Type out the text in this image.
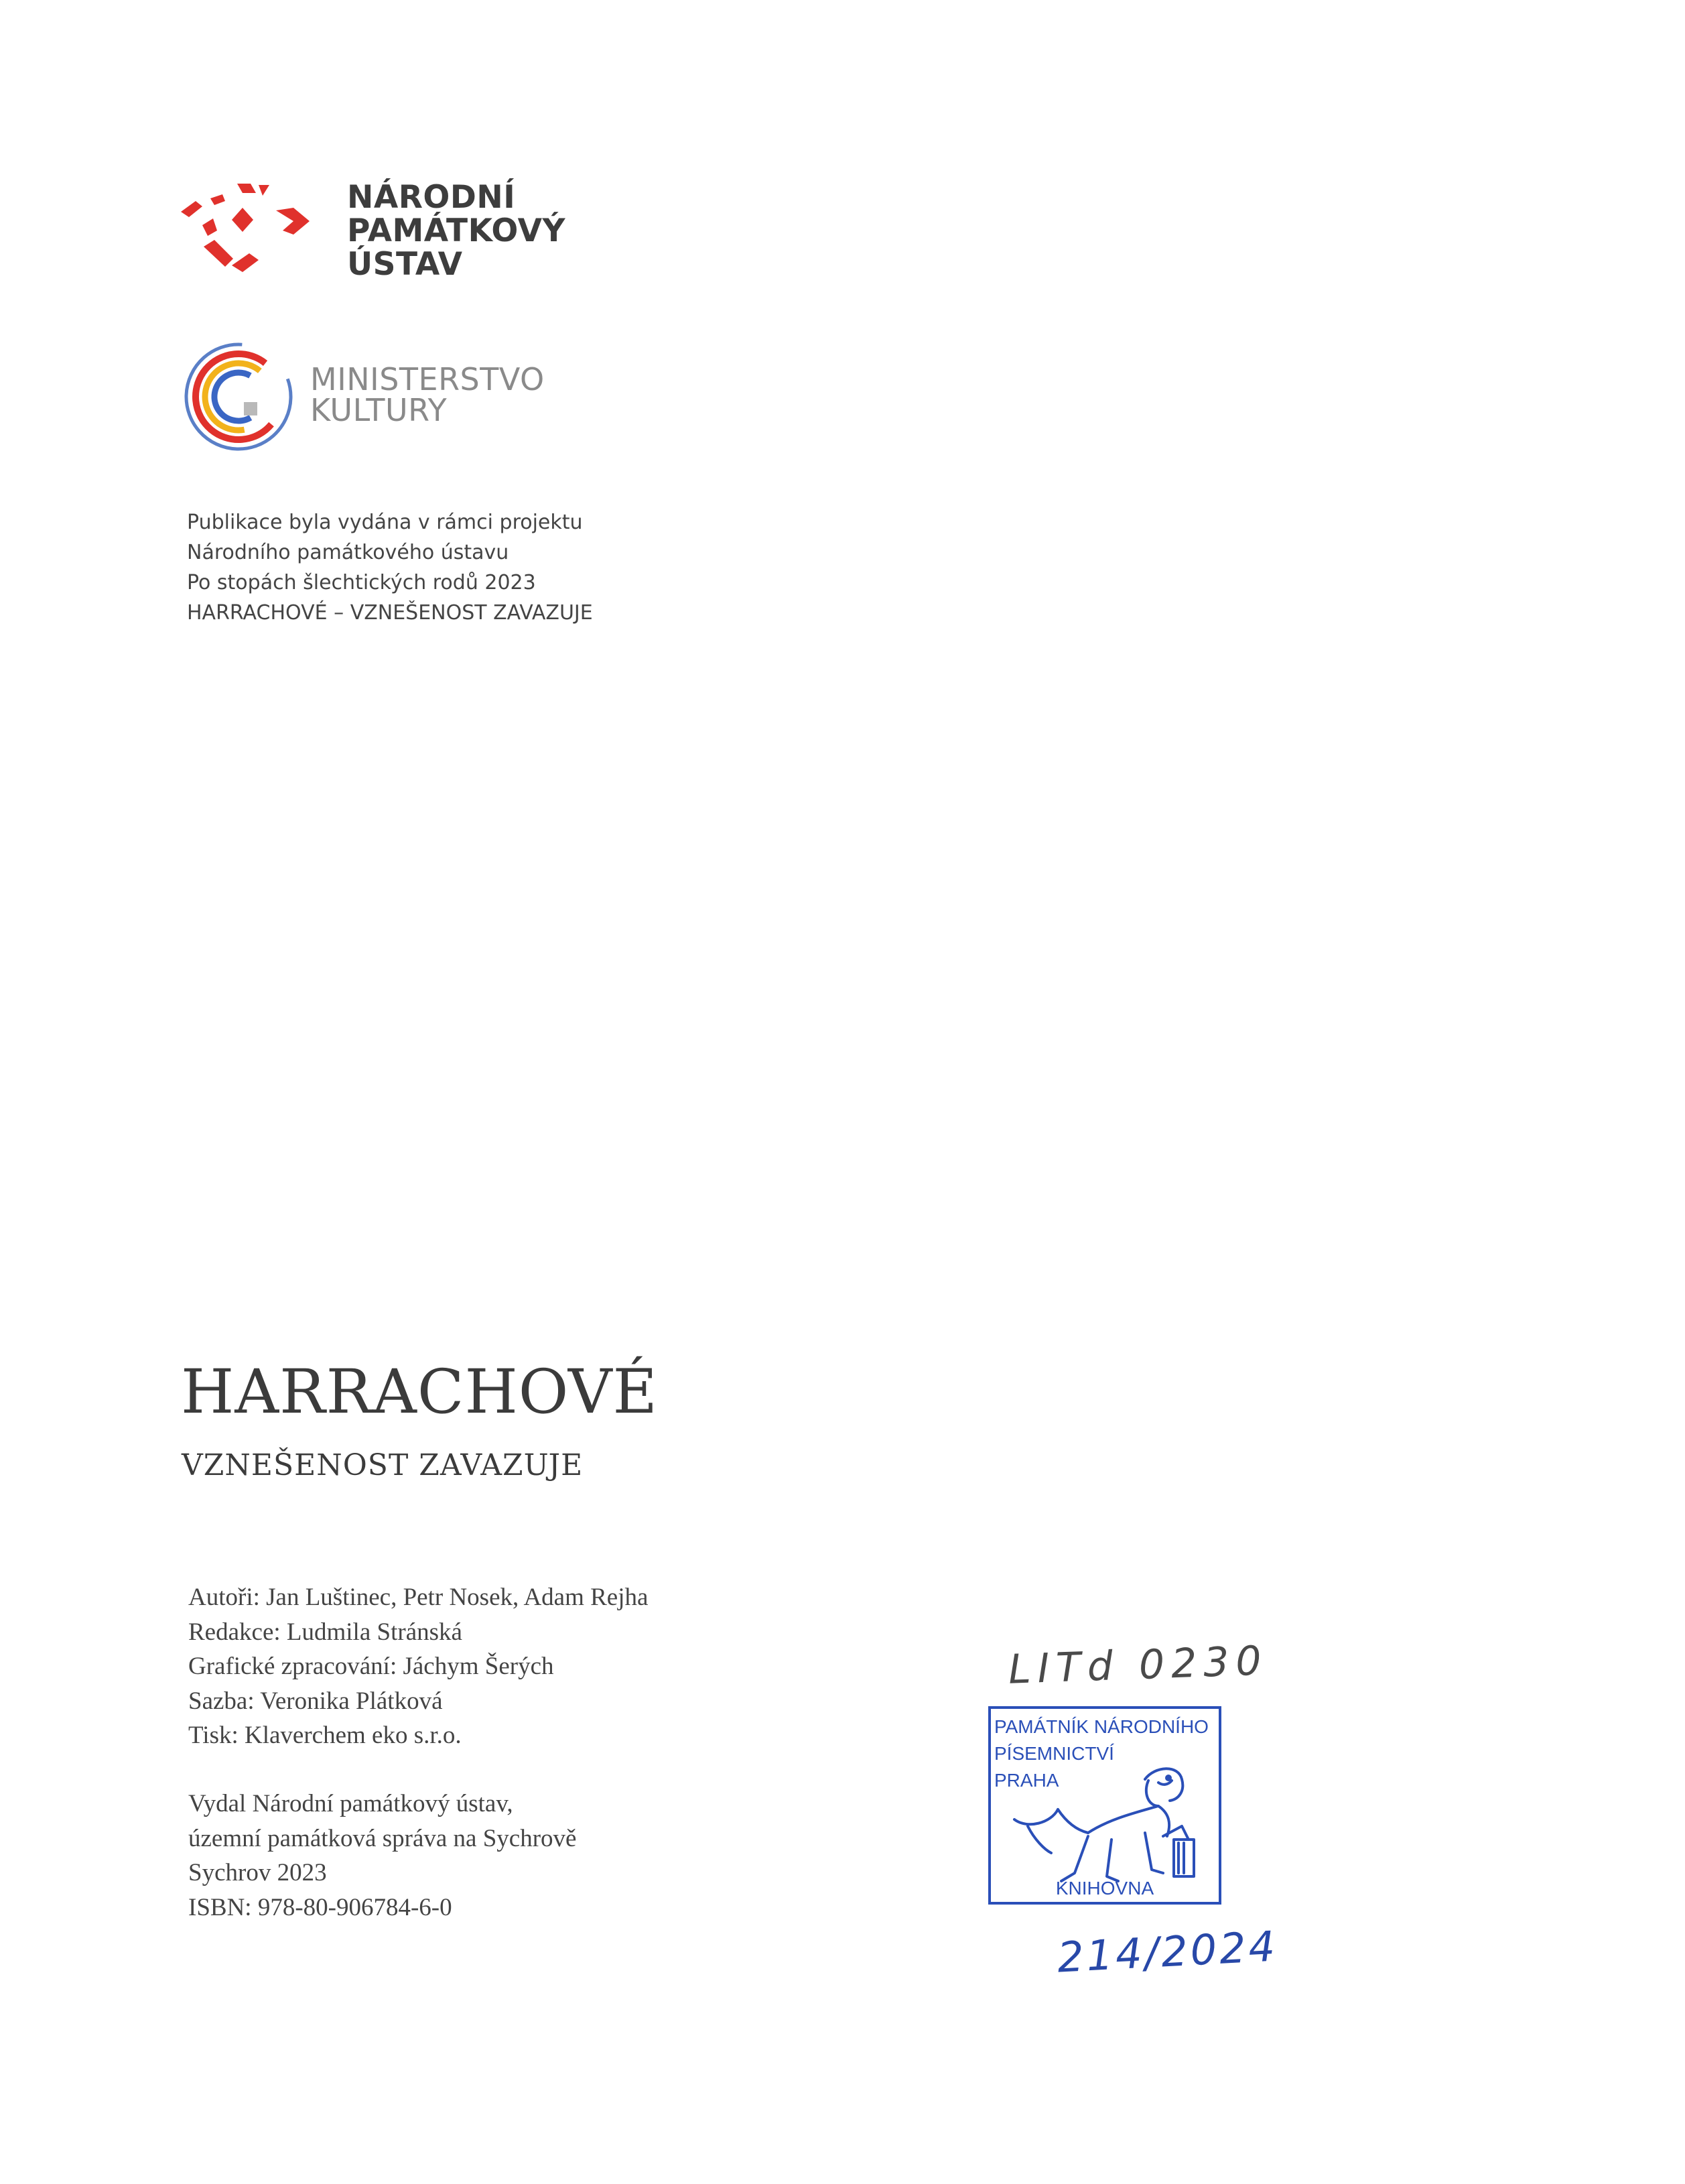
NÁRODNÍ
PAMÁTKOVÝ
ÚSTAV
MINISTERSTVO
KULTURY
Publikace byla vydána v rámci projektu
Národního památkového ústavu
Po stopách šlechtických rodů 2023
HARRACHOVÉ – VZNEŠENOST ZAVAZUJE
HARRACHOVÉ
VZNEŠENOST ZAVAZUJE
Autoři: Jan Luštinec, Petr Nosek, Adam Rejha
Redakce: Ludmila Stránská
Grafické zpracování: Jáchym Šerých
Sazba: Veronika Plátková
Tisk: Klaverchem eko s.r.o.
Vydal Národní památkový ústav,
územní památková správa na Sychrově
Sychrov 2023
ISBN: 978-80-906784-6-0
LITd 0230
PAMÁTNÍK NÁRODNÍHO
PÍSEMNICTVÍ
PRAHA
KNIHOVNA
214/2024
